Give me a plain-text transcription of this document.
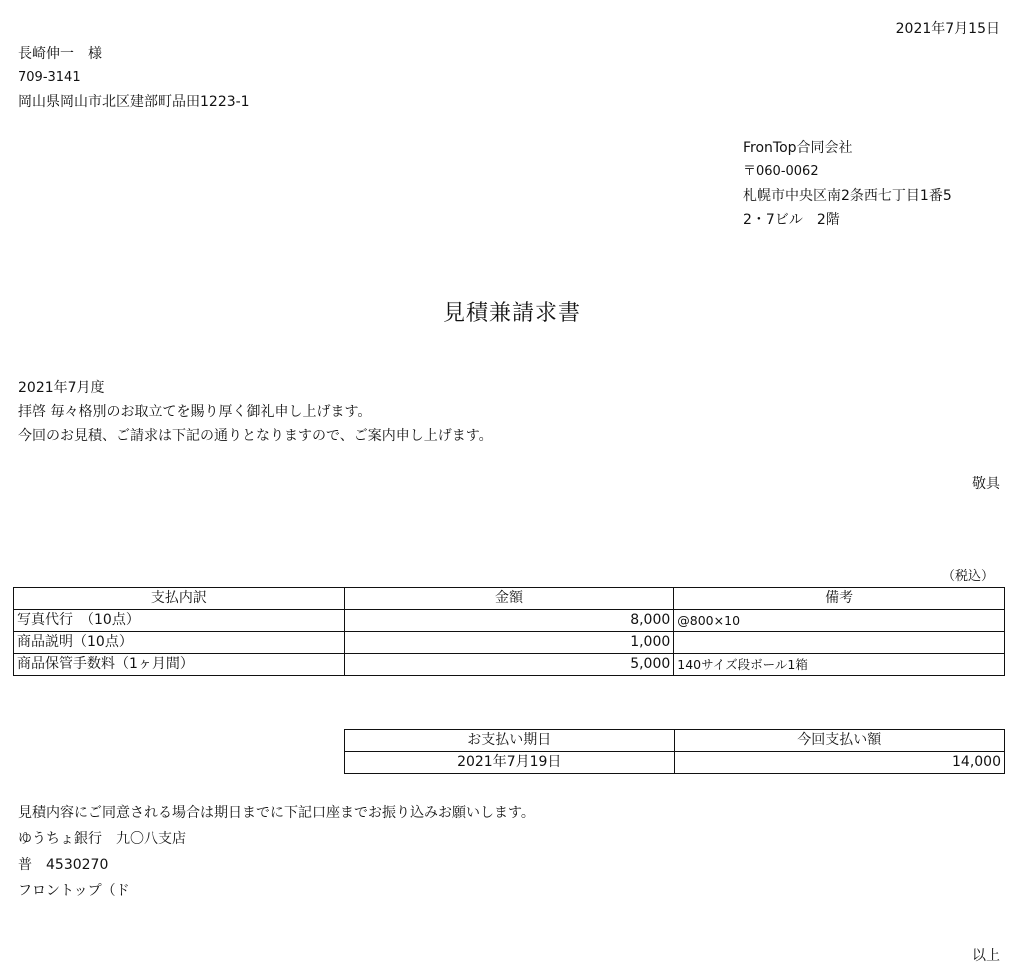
2021年7月15日
長崎伸一　様
709-3141
岡山県岡山市北区建部町品田1223-1
FronTop合同会社
〒060-0062
札幌市中央区南2条西七丁目1番5
2・7ビル　2階
見積兼請求書
2021年7月度
拝啓 毎々格別のお取立てを賜り厚く御礼申し上げます。
今回のお見積、ご請求は下記の通りとなりますので、ご案内申し上げます。
敬具
（税込）
支払内訳	金額	備考
写真代行　（10点）	8,000	@800×10
商品説明（10点）	1,000	
商品保管手数料（1ヶ月間）	5,000	140サイズ段ボール1箱
お支払い期日	今回支払い額
2021年7月19日	14,000
見積内容にご同意される場合は期日までに下記口座までお振り込みお願いします。
ゆうちょ銀行　九〇八支店
普　4530270
フロントップ（ド
以上
